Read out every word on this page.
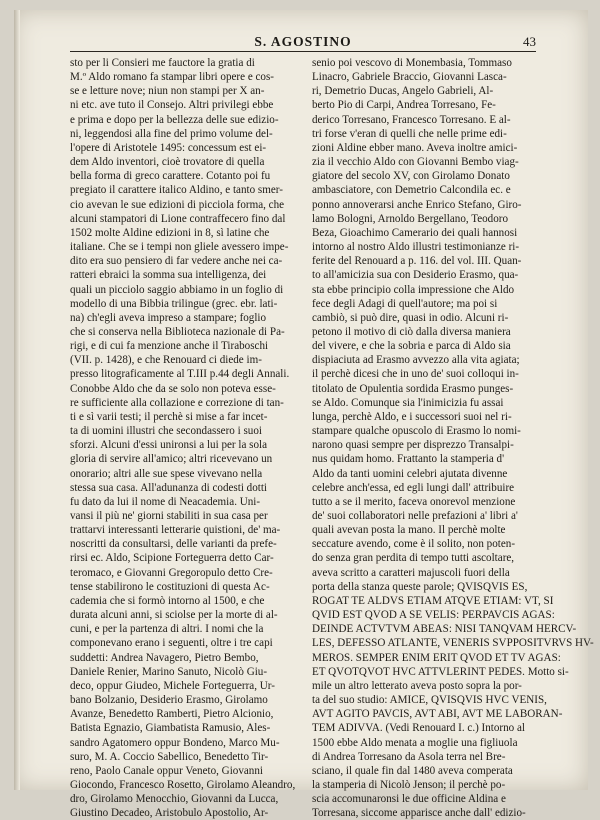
S. AGOSTINO	43
sto per li Consieri me fauctore la gratia di
M.º Aldo romano fa stampar libri opere e cos-
se e letture nove; niun non stampi per X an-
ni etc. ave tuto il Consejo. Altri privilegi ebbe
e prima e dopo per la bellezza delle sue edizio-
ni, leggendosi alla fine del primo volume del-
l'opere di Aristotele 1495: concessum est ei-
dem Aldo inventori, cioè trovatore di quella
bella forma di greco carattere. Cotanto poi fu
pregiato il carattere italico Aldino, e tanto smer-
cio avevan le sue edizioni di picciola forma, che
alcuni stampatori di Lione contraffecero fino dal
1502 molte Aldine edizioni in 8, sì latine che
italiane. Che se i tempi non gliele avessero impe-
dito era suo pensiero di far vedere anche nei ca-
ratteri ebraici la somma sua intelligenza, dei
quali un picciolo saggio abbiamo in un foglio di
modello di una Bibbia trilingue (grec. ebr. lati-
na) ch'egli aveva impreso a stampare; foglio
che si conserva nella Biblioteca nazionale di Pa-
rigi, e di cui fa menzione anche il Tiraboschi
(VII. p. 1428), e che Renouard ci diede im-
presso litograficamente al T.III p.44 degli Annali.
Conobbe Aldo che da se solo non poteva esse-
re sufficiente alla collazione e correzione di tan-
ti e sì varii testi; il perchè si mise a far incet-
ta di uomini illustri che secondassero i suoi
sforzi. Alcuni d'essi unironsi a lui per la sola
gloria di servire all'amico; altri ricevevano un
onorario; altri alle sue spese vivevano nella
stessa sua casa. All'adunanza di codesti dotti
fu dato da lui il nome di Neacademia. Uni-
vansi il più ne' giorni stabiliti in sua casa per
trattarvi interessanti letterarie quistioni, de' ma-
noscritti da consultarsi, delle varianti da prefe-
rirsi ec. Aldo, Scipione Forteguerra detto Car-
teromaco, e Giovanni Gregoropulo detto Cre-
tense stabilirono le costituzioni di questa Ac-
cademia che si formò intorno al 1500, e che
durata alcuni anni, si sciolse per la morte di al-
cuni, e per la partenza di altri. I nomi che la
componevano erano i seguenti, oltre i tre capi
suddetti: Andrea Navagero, Pietro Bembo,
Daniele Renier, Marino Sanuto, Nicolò Giu-
deco, oppur Giudeo, Michele Forteguerra, Ur-
bano Bolzanio, Desiderio Erasmo, Girolamo
Avanze, Benedetto Ramberti, Pietro Alcionio,
Batista Egnazio, Giambatista Ramusio, Ales-
sandro Agatomero oppur Bondeno, Marco Mu-
suro, M. A. Coccio Sabellico, Benedetto Tir-
reno, Paolo Canale oppur Veneto, Giovanni
Giocondo, Francesco Rosetto, Girolamo Aleandro,
dro, Girolamo Menocchio, Giovanni da Lucca,
Giustino Decadeo, Aristobulo Apostolio, Ar-
senio poi vescovo di Monembasia, Tommaso
Linacro, Gabriele Braccio, Giovanni Lasca-
ri, Demetrio Ducas, Angelo Gabrieli, Al-
berto Pio di Carpi, Andrea Torresano, Fe-
derico Torresano, Francesco Torresano. E al-
tri forse v'eran di quelli che nelle prime edi-
zioni Aldine ebber mano. Aveva inoltre amici-
zia il vecchio Aldo con Giovanni Bembo viag-
giatore del secolo XV, con Girolamo Donato
ambasciatore, con Demetrio Calcondila ec. e
ponno annoverarsi anche Enrico Stefano, Giro-
lamo Bologni, Arnoldo Bergellano, Teodoro
Beza, Gioachimo Camerario dei quali hannosi
intorno al nostro Aldo illustri testimonianze ri-
ferite del Renouard a p. 116. del vol. III. Quan-
to all'amicizia sua con Desiderio Erasmo, qua-
sta ebbe principio colla impressione che Aldo
fece degli Adagi di quell'autore; ma poi si
cambiò, si può dire, quasi in odio. Alcuni ri-
petono il motivo di ciò dalla diversa maniera
del vivere, e che la sobria e parca di Aldo sia
dispiaciuta ad Erasmo avvezzo alla vita agiata;
il perchè dicesi che in uno de' suoi colloqui in-
titolato de Opulentia sordida Erasmo punges-
se Aldo. Comunque sia l'inimicizia fu assai
lunga, perchè Aldo, e i successori suoi nel ri-
stampare qualche opuscolo di Erasmo lo nomi-
narono quasi sempre per disprezzo Transalpi-
nus quidam homo. Frattanto la stamperia d'
Aldo da tanti uomini celebri ajutata divenne
celebre anch'essa, ed egli lungi dall' attribuire
tutto a se il merito, faceva onorevol menzione
de' suoi collaboratori nelle prefazioni a' libri a'
quali avevan posta la mano. Il perchè molte
seccature avendo, come è il solito, non poten-
do senza gran perdita di tempo tutti ascoltare,
aveva scritto a caratteri majuscoli fuori della
porta della stanza queste parole; QVISQVIS ES,
ROGAT TE ALDVS ETIAM ATQVE ETIAM: VT, SI
QVID EST QVOD A SE VELIS: PERPAVCIS AGAS:
DEINDE ACTVTVM ABEAS: NISI TANQVAM HERCV-
LES, DEFESSO ATLANTE, VENERIS SVPPOSITVRVS HV-
MEROS. SEMPER ENIM ERIT QVOD ET TV AGAS:
ET QVOTQVOT HVC ATTVLERINT PEDES. Motto si-
mile un altro letterato aveva posto sopra la por-
ta del suo studio: AMICE, QVISQVIS HVC VENIS,
AVT AGITO PAVCIS, AVT ABI, AVT ME LABORAN-
TEM ADIVVA. (Vedi Renouard I. c.) Intorno al
1500 ebbe Aldo menata a moglie una figliuola
di Andrea Torresano da Asola terra nel Bre-
sciano, il quale fin dal 1480 aveva comperata
la stamperia di Nicolò Jenson; il perchè po-
scia accomunaronsi le due officine Aldina e
Torresana, siccome apparisce anche dall' edizio-
